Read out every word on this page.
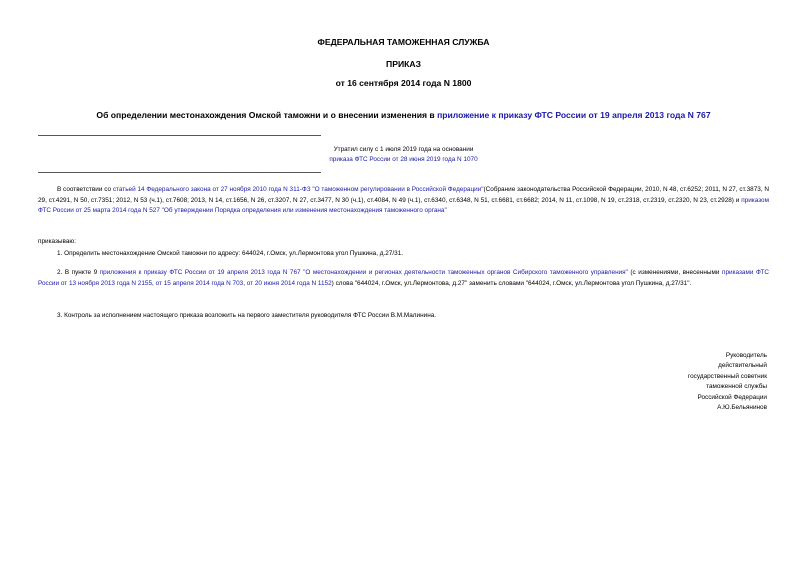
ФЕДЕРАЛЬНАЯ ТАМОЖЕННАЯ СЛУЖБА
ПРИКАЗ
от 16 сентября 2014 года N 1800
Об определении местонахождения Омской таможни и о внесении изменения в приложение к приказу ФТС России от 19 апреля 2013 года N 767
Утратил силу с 1 июля 2019 года на основании
приказа ФТС России от 28 июня 2019 года N 1070
В соответствии со статьей 14 Федерального закона от 27 ноября 2010 года N 311-ФЗ "О таможенном регулировании в Российской Федерации"(Собрание законодательства Российской Федерации, 2010, N 48, ст.6252; 2011, N 27, ст.3873, N 29, ст.4291, N 50, ст.7351; 2012, N 53 (ч.1), ст.7608; 2013, N 14, ст.1656, N 26, ст.3207, N 27, ст.3477, N 30 (ч.1), ст.4084, N 49 (ч.1), ст.6340, ст.6348, N 51, ст.6681, ст.6682; 2014, N 11, ст.1098, N 19, ст.2318, ст.2319, ст.2320, N 23, ст.2928) и приказом ФТС России от 25 марта 2014 года N 527 "Об утверждении Порядка определения или изменения местонахождения таможенного органа"
приказываю:
1. Определить местонахождение Омской таможни по адресу: 644024, г.Омск, ул.Лермонтова угол Пушкина, д.27/31.
2. В пункте 9 приложения к приказу ФТС России от 19 апреля 2013 года N 767 "О местонахождении и регионах деятельности таможенных органов Сибирского таможенного управления" (с изменениями, внесенными приказами ФТС России от 13 ноября 2013 года N 2155, от 15 апреля 2014 года N 703, от 20 июня 2014 года N 1152) слова "644024, г.Омск, ул.Лермонтова, д.27" заменить словами "644024, г.Омск, ул.Лермонтова угол Пушкина, д.27/31".
3. Контроль за исполнением настоящего приказа возложить на первого заместителя руководителя ФТС России В.М.Малинина.
Руководитель
действительный
государственный советник
таможенной службы
Российской Федерации
А.Ю.Бельянинов
